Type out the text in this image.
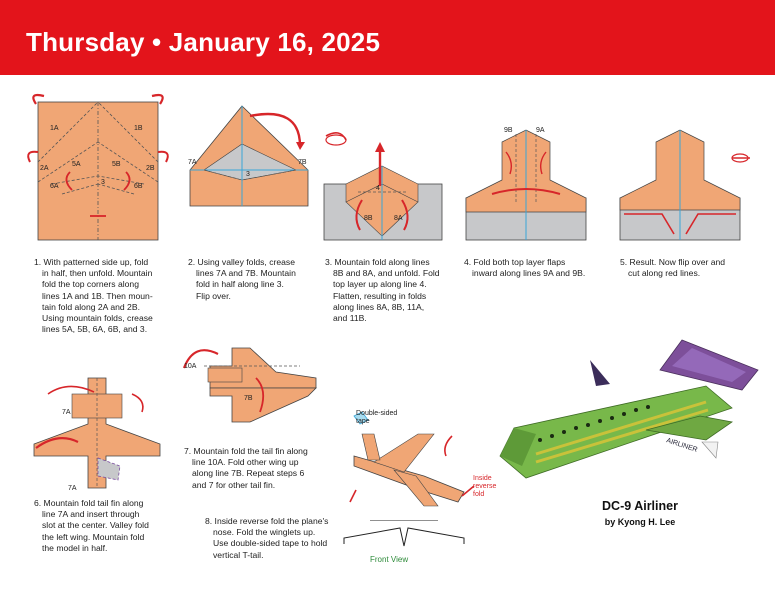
Thursday • January 16, 2025
1A	1B
2A	2B
5A	5B
6A	6B
3
1. With patterned side up, fold
in half, then unfold. Mountain
fold the top corners along
lines 1A and 1B. Then moun-
tain fold along 2A and 2B.
Using mountain folds, crease
lines 5A, 5B, 6A, 6B, and 3.
7A	7B
3
2. Using valley folds, crease
lines 7A and 7B. Mountain
fold in half along line 3.
Flip over.
4
8B	8A
3. Mountain fold along lines
8B and 8A, and unfold. Fold
top layer up along line 4.
Flatten, resulting in folds
along lines 8A, 8B, 11A,
and 11B.
9B	9A
4. Fold both top layer flaps
inward along lines 9A and 9B.
5. Result. Now flip over and
cut along red lines.
7A
7A
6. Mountain fold tail fin along
line 7A and insert through
slot at the center. Valley fold
the left wing. Mountain fold
the model in half.
10A
7B
7. Mountain fold the tail fin along
line 10A. Fold other wing up
along line 7B. Repeat steps 6
and 7 for other tail fin.
Double-sided
tape
Inside
reverse
fold
Front View
8. Inside reverse fold the plane's
nose. Fold the winglets up.
Use double-sided tape to hold
vertical T-tail.
AIRLINER
DC-9 Airliner
by Kyong H. Lee
